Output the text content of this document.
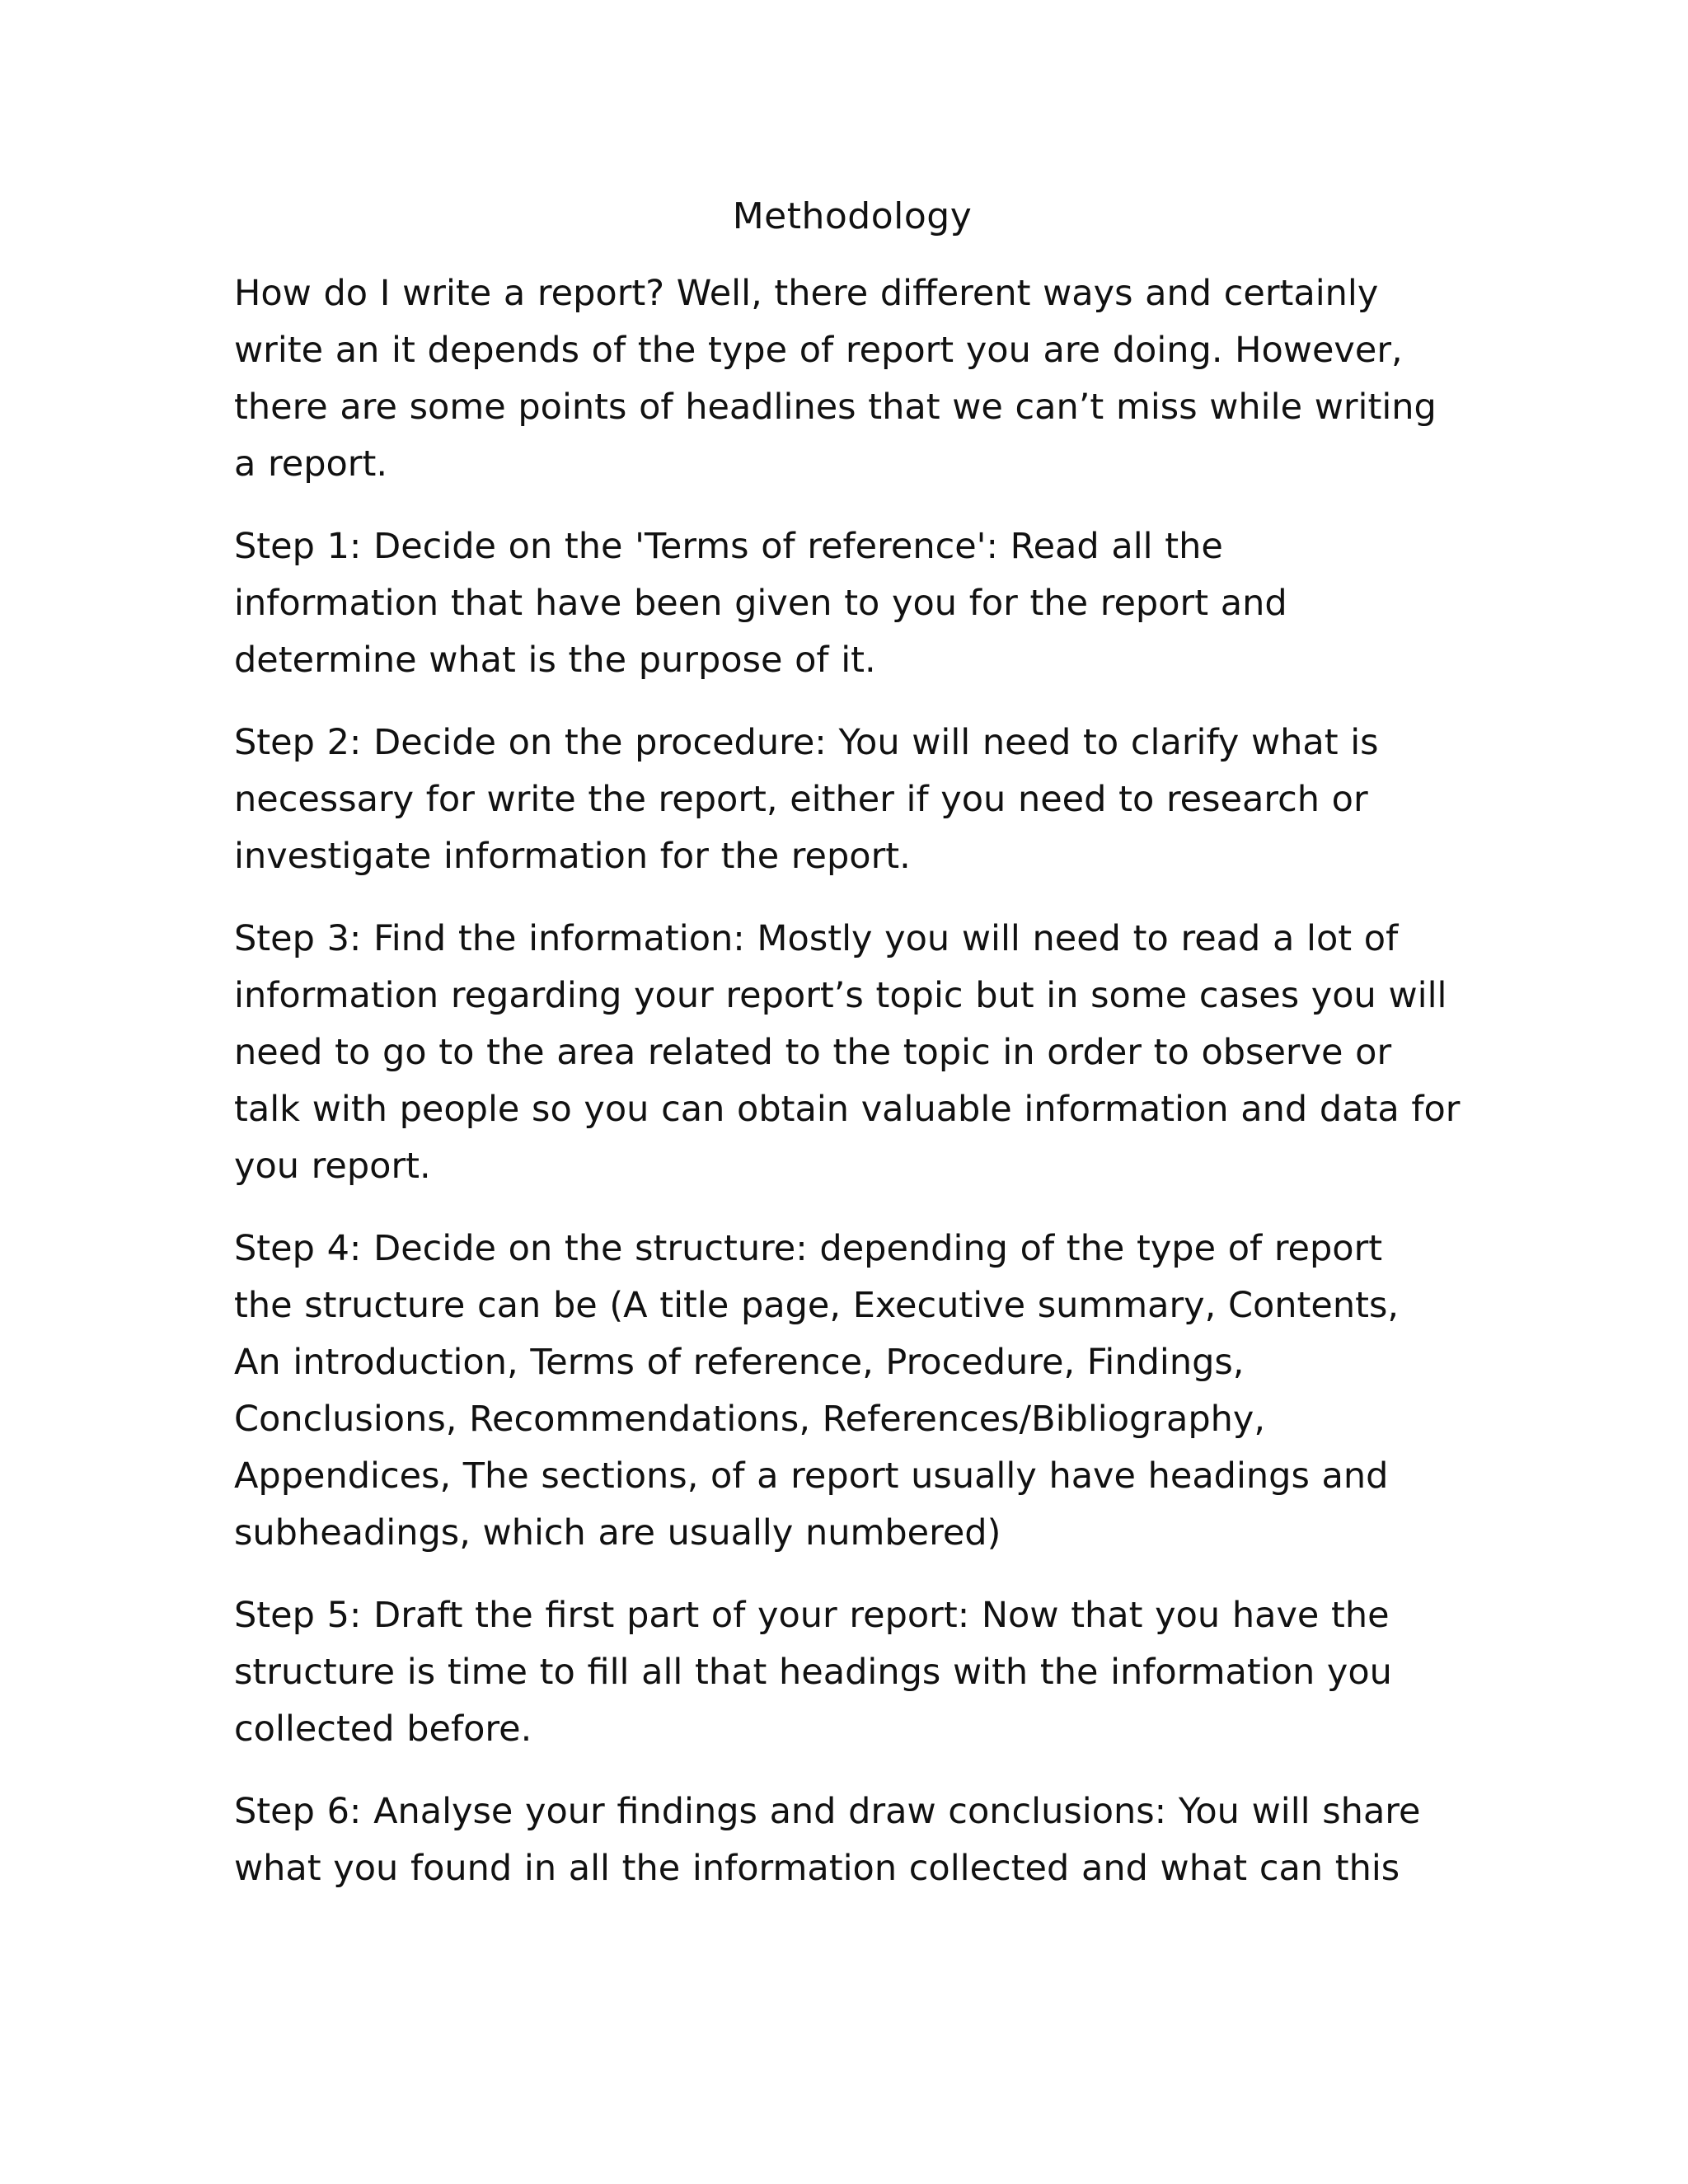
Methodology

How do I write a report? Well, there different ways and certainly
write an it depends of the type of report you are doing. However,
there are some points of headlines that we can’t miss while writing
a report.

Step 1: Decide on the 'Terms of reference': Read all the
information that have been given to you for the report and
determine what is the purpose of it.

Step 2: Decide on the procedure: You will need to clarify what is
necessary for write the report, either if you need to research or
investigate information for the report.

Step 3: Find the information: Mostly you will need to read a lot of
information regarding your report’s topic but in some cases you will
need to go to the area related to the topic in order to observe or
talk with people so you can obtain valuable information and data for
you report.

Step 4: Decide on the structure: depending of the type of report
the structure can be (A title page, Executive summary, Contents,
An introduction, Terms of reference, Procedure, Findings,
Conclusions, Recommendations, References/Bibliography,
Appendices, The sections, of a report usually have headings and
subheadings, which are usually numbered)

Step 5: Draft the first part of your report: Now that you have the
structure is time to fill all that headings with the information you
collected before.

Step 6: Analyse your findings and draw conclusions: You will share
what you found in all the information collected and what can this
